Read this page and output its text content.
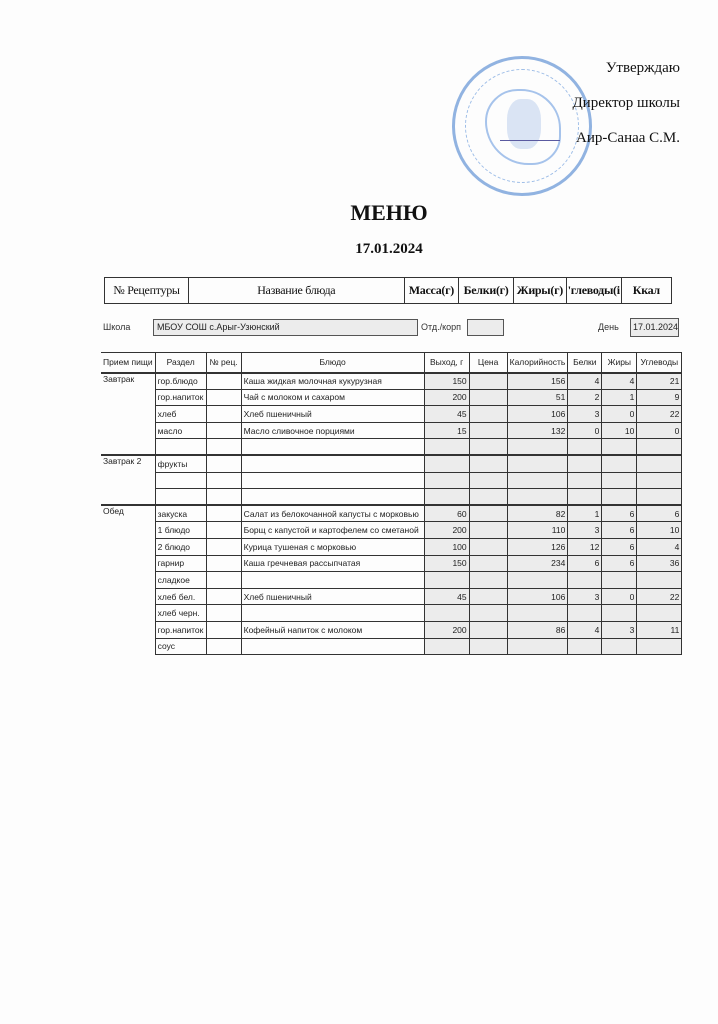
Утверждаю
Директор школы
Аир-Санаа С.М.
МЕНЮ
17.01.2024
№ Рецептуры	Название блюда	Масса(г)	Белки(г)	Жиры(г)	'глеводы(і	Ккал
Школа	МБОУ СОШ с.Арыг-Узюнский	Отд./корп	День	17.01.2024
Прием пищи	Раздел	№ рец.	Блюдо	Выход, г	Цена	Калорийность	Белки	Жиры	Углеводы
Завтрак	гор.блюдо		Каша жидкая молочная кукурузная	150		156	4	4	21
	гор.напиток		Чай с молоком и сахаром	200		51	2	1	9
	хлеб		Хлеб пшеничный	45		106	3	0	22
	масло		Масло сливочное порциями	15		132	0	10	0

Завтрак 2	фрукты								

Обед	закуска		Салат из белокочанной капусты с морковью	60		82	1	6	6
	1 блюдо		Борщ с капустой и картофелем со сметаной	200		110	3	6	10
	2 блюдо		Курица тушеная с морковью	100		126	12	6	4
	гарнир		Каша гречневая рассыпчатая	150		234	6	6	36
	сладкое								
	хлеб бел.		Хлеб пшеничный	45		106	3	0	22
	хлеб черн.								
	гор.напиток		Кофейный напиток с молоком	200		86	4	3	11
	соус								
